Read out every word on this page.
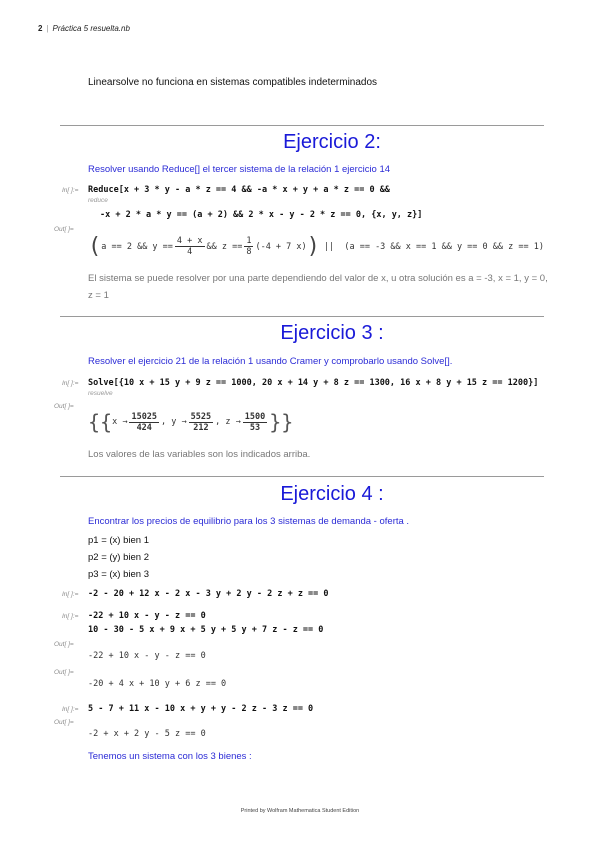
2 | Práctica 5 resuelta.nb
Linearsolve no funciona en sistemas compatibles indeterminados
Ejercicio 2:
Resolver usando Reduce[] el tercer sistema de la relación 1 ejercicio 14
In[ ]:= Reduce[x + 3 * y - a * z == 4 && -a * x + y + a * z == 0 &&
reduce
-x + 2 * a * y == (a + 2) && 2 * x - y - 2 * z == 0, {x, y, z}]
Out[ ]=
( a == 2 && $y == \frac{4 + x}{4}$ && $z == \frac{1}{8} (-4 + 7$ x) ) ||  (a == -3 && x == 1 && y == 0 && z == 1)
El sistema se puede resolver por una parte dependiendo del valor de x, u otra solución es a = -3, x = 1, y = 0, z = 1
Ejercicio 3 :
Resolver el ejercicio 21 de la relación 1 usando Cramer y comprobarlo usando Solve[].
In[ ]:= Solve[{10 x + 15 y + 9 z == 1000, 20 x + 14 y + 8 z == 1300, 16 x + 8 y + 15 z == 1200}]
resuelve
Out[ ]=
{{ $x \to \frac{15025}{424}$ , $y \to \frac{5525}{212}$ , $z \to \frac{1500}{53}$ }}
Los valores de las variables son los indicados arriba.
Ejercicio 4 :
Encontrar los precios de equilibrio para los 3 sistemas de demanda - oferta .
p1 = (x) bien 1
p2 = (y) bien 2
p3 = (x) bien 3
In[ ]:= -2 - 20 + 12 x - 2 x - 3 y + 2 y - 2 z + z == 0
In[ ]:= -22 + 10 x - y - z == 0
10 - 30 - 5 x + 9 x + 5 y + 5 y + 7 z - z == 0
Out[ ]=
-22 + 10 x - y - z == 0
Out[ ]=
-20 + 4 x + 10 y + 6 z == 0
In[ ]:= 5 - 7 + 11 x - 10 x + y + y - 2 z - 3 z == 0
Out[ ]=
-2 + x + 2 y - 5 z == 0
Tenemos un sistema con los 3 bienes :
Printed by Wolfram Mathematica Student Edition
